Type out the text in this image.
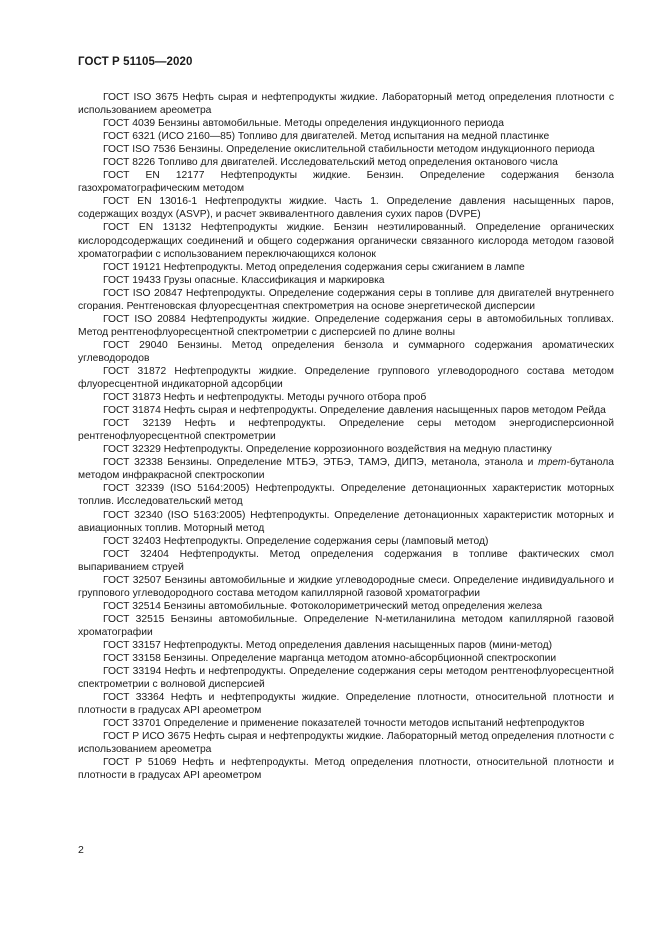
ГОСТ Р 51105—2020

ГОСТ ISO 3675 Нефть сырая и нефтепродукты жидкие. Лабораторный метод определения плотности с использованием ареометра

ГОСТ 4039 Бензины автомобильные. Методы определения индукционного периода

ГОСТ 6321 (ИСО 2160—85) Топливо для двигателей. Метод испытания на медной пластинке

ГОСТ ISO 7536 Бензины. Определение окислительной стабильности методом индукционного периода

ГОСТ 8226 Топливо для двигателей. Исследовательский метод определения октанового числа

ГОСТ EN 12177 Нефтепродукты жидкие. Бензин. Определение содержания бензола газохроматографическим методом

ГОСТ EN 13016-1 Нефтепродукты жидкие. Часть 1. Определение давления насыщенных паров, содержащих воздух (ASVP), и расчет эквивалентного давления сухих паров (DVPE)

ГОСТ EN 13132 Нефтепродукты жидкие. Бензин неэтилированный. Определение органических кислородсодержащих соединений и общего содержания органически связанного кислорода методом газовой хроматографии с использованием переключающихся колонок

ГОСТ 19121 Нефтепродукты. Метод определения содержания серы сжиганием в лампе

ГОСТ 19433 Грузы опасные. Классификация и маркировка

ГОСТ ISO 20847 Нефтепродукты. Определение содержания серы в топливе для двигателей внутреннего сгорания. Рентгеновская флуоресцентная спектрометрия на основе энергетической дисперсии

ГОСТ ISO 20884 Нефтепродукты жидкие. Определение содержания серы в автомобильных топливах. Метод рентгенофлуоресцентной спектрометрии с дисперсией по длине волны

ГОСТ 29040 Бензины. Метод определения бензола и суммарного содержания ароматических углеводородов

ГОСТ 31872 Нефтепродукты жидкие. Определение группового углеводородного состава методом флуоресцентной индикаторной адсорбции

ГОСТ 31873 Нефть и нефтепродукты. Методы ручного отбора проб

ГОСТ 31874 Нефть сырая и нефтепродукты. Определение давления насыщенных паров методом Рейда

ГОСТ 32139 Нефть и нефтепродукты. Определение серы методом энергодисперсионной рентгенофлуоресцентной спектрометрии

ГОСТ 32329 Нефтепродукты. Определение коррозионного воздействия на медную пластинку

ГОСТ 32338 Бензины. Определение МТБЭ, ЭТБЭ, ТАМЭ, ДИПЭ, метанола, этанола и трет-бутанола методом инфракрасной спектроскопии

ГОСТ 32339 (ISO 5164:2005) Нефтепродукты. Определение детонационных характеристик моторных топлив. Исследовательский метод

ГОСТ 32340 (ISO 5163:2005) Нефтепродукты. Определение детонационных характеристик моторных и авиационных топлив. Моторный метод

ГОСТ 32403 Нефтепродукты. Определение содержания серы (ламповый метод)

ГОСТ 32404 Нефтепродукты. Метод определения содержания в топливе фактических смол выпариванием струей

ГОСТ 32507 Бензины автомобильные и жидкие углеводородные смеси. Определение индивидуального и группового углеводородного состава методом капиллярной газовой хроматографии

ГОСТ 32514 Бензины автомобильные. Фотоколориметрический метод определения железа

ГОСТ 32515 Бензины автомобильные. Определение N-метиланилина методом капиллярной газовой хроматографии

ГОСТ 33157 Нефтепродукты. Метод определения давления насыщенных паров (мини-метод)

ГОСТ 33158 Бензины. Определение марганца методом атомно-абсорбционной спектроскопии

ГОСТ 33194 Нефть и нефтепродукты. Определение содержания серы методом рентгенофлуоресцентной спектрометрии с волновой дисперсией

ГОСТ 33364 Нефть и нефтепродукты жидкие. Определение плотности, относительной плотности и плотности в градусах API ареометром

ГОСТ 33701 Определение и применение показателей точности методов испытаний нефтепродуктов

ГОСТ Р ИСО 3675 Нефть сырая и нефтепродукты жидкие. Лабораторный метод определения плотности с использованием ареометра

ГОСТ Р 51069 Нефть и нефтепродукты. Метод определения плотности, относительной плотности и плотности в градусах API ареометром

2
